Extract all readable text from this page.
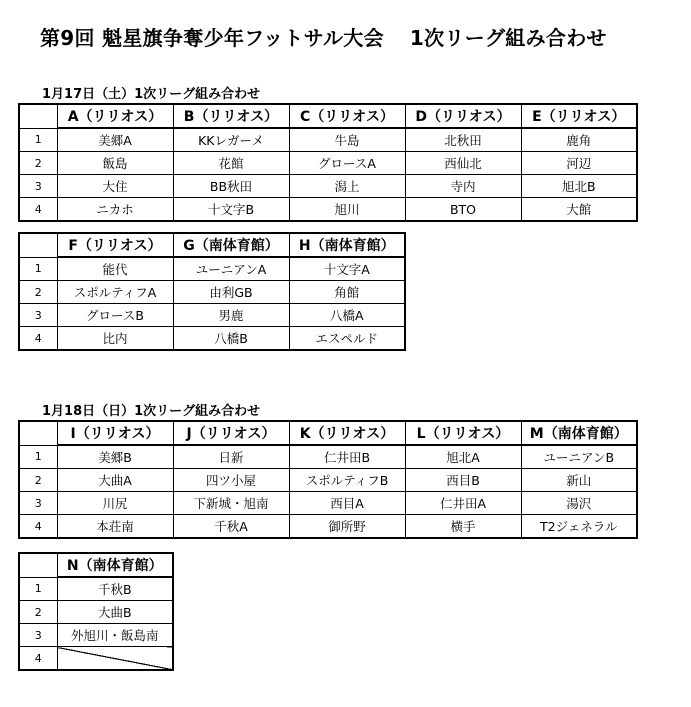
第9回 魁星旗争奪少年フットサル大会 1次リーグ組み合わせ
1月17日（土）1次リーグ組み合わせ
	A（リリオス）	B（リリオス）	C（リリオス）	D（リリオス）	E（リリオス）
1	美郷A	KKレガーメ	牛島	北秋田	鹿角
2	飯島	花館	グロースA	西仙北	河辺
3	大住	BB秋田	潟上	寺内	旭北B
4	ニカホ	十文字B	旭川	BTO	大館
	F（リリオス）	G（南体育館）	H（南体育館）
1	能代	ユーニアンA	十文字A
2	スポルティフA	由利GB	角館
3	グロースB	男鹿	八橋A
4	比内	八橋B	エスペルド
1月18日（日）1次リーグ組み合わせ
	I（リリオス）	J（リリオス）	K（リリオス）	L（リリオス）	M（南体育館）
1	美郷B	日新	仁井田B	旭北A	ユーニアンB
2	大曲A	四ツ小屋	スポルティフB	西目B	新山
3	川尻	下新城・旭南	西目A	仁井田A	湯沢
4	本荘南	千秋A	御所野	横手	T2ジェネラル
	N（南体育館）
1	千秋B
2	大曲B
3	外旭川・飯島南
4	
